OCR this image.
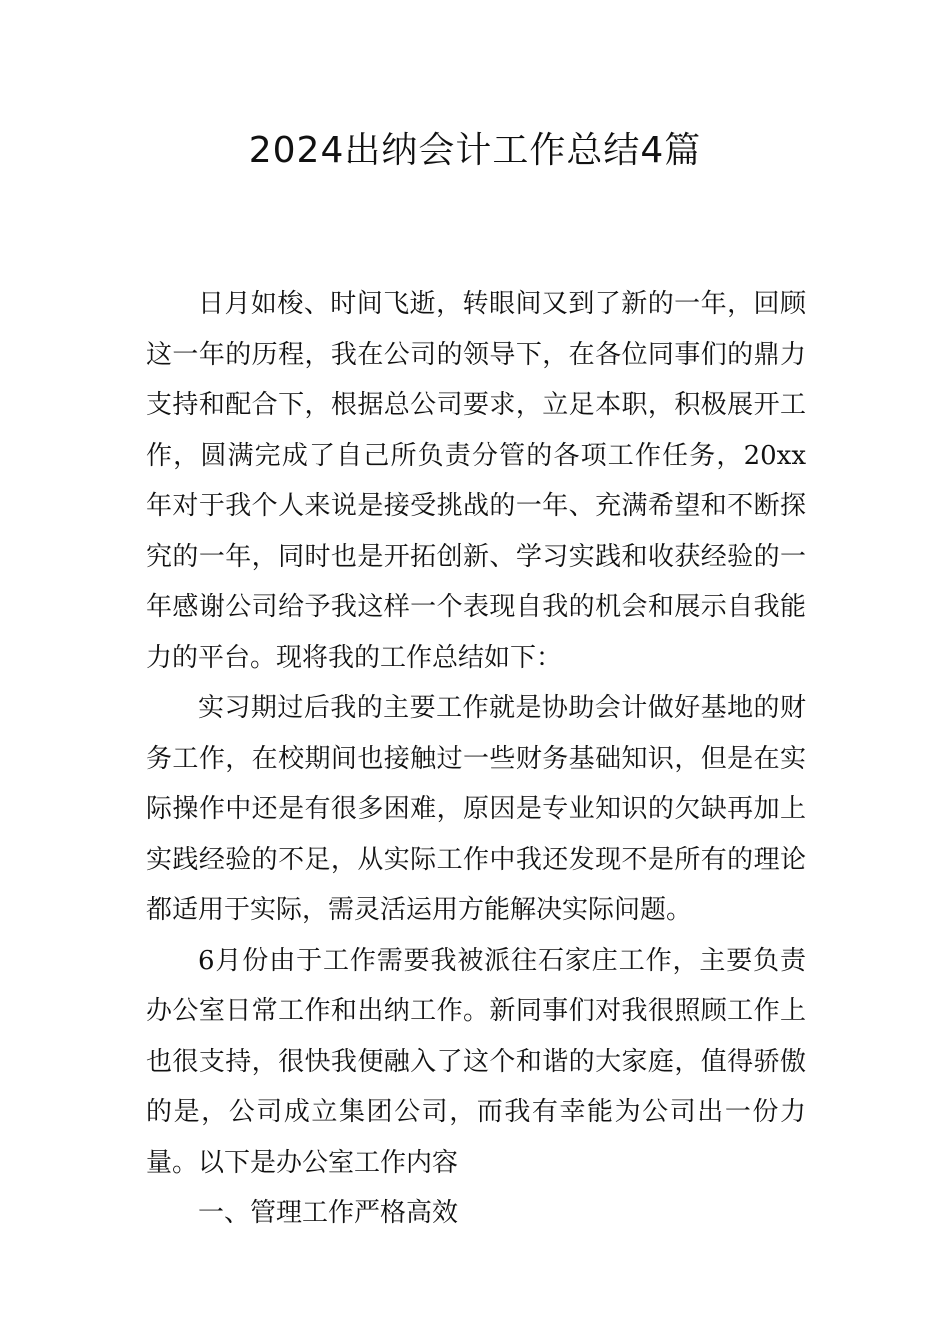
2024出纳会计工作总结4篇

日月如梭、时间飞逝，转眼间又到了新的一年，回顾这一年的历程，我在公司的领导下，在各位同事们的鼎力支持和配合下，根据总公司要求，立足本职，积极展开工作，圆满完成了自己所负责分管的各项工作任务，20xx年对于我个人来说是接受挑战的一年、充满希望和不断探究的一年，同时也是开拓创新、学习实践和收获经验的一年感谢公司给予我这样一个表现自我的机会和展示自我能力的平台。现将我的工作总结如下：

实习期过后我的主要工作就是协助会计做好基地的财务工作，在校期间也接触过一些财务基础知识，但是在实际操作中还是有很多困难，原因是专业知识的欠缺再加上实践经验的不足，从实际工作中我还发现不是所有的理论都适用于实际，需灵活运用方能解决实际问题。

6月份由于工作需要我被派往石家庄工作，主要负责办公室日常工作和出纳工作。新同事们对我很照顾工作上也很支持，很快我便融入了这个和谐的大家庭，值得骄傲的是，公司成立集团公司，而我有幸能为公司出一份力量。以下是办公室工作内容

一、管理工作严格高效
